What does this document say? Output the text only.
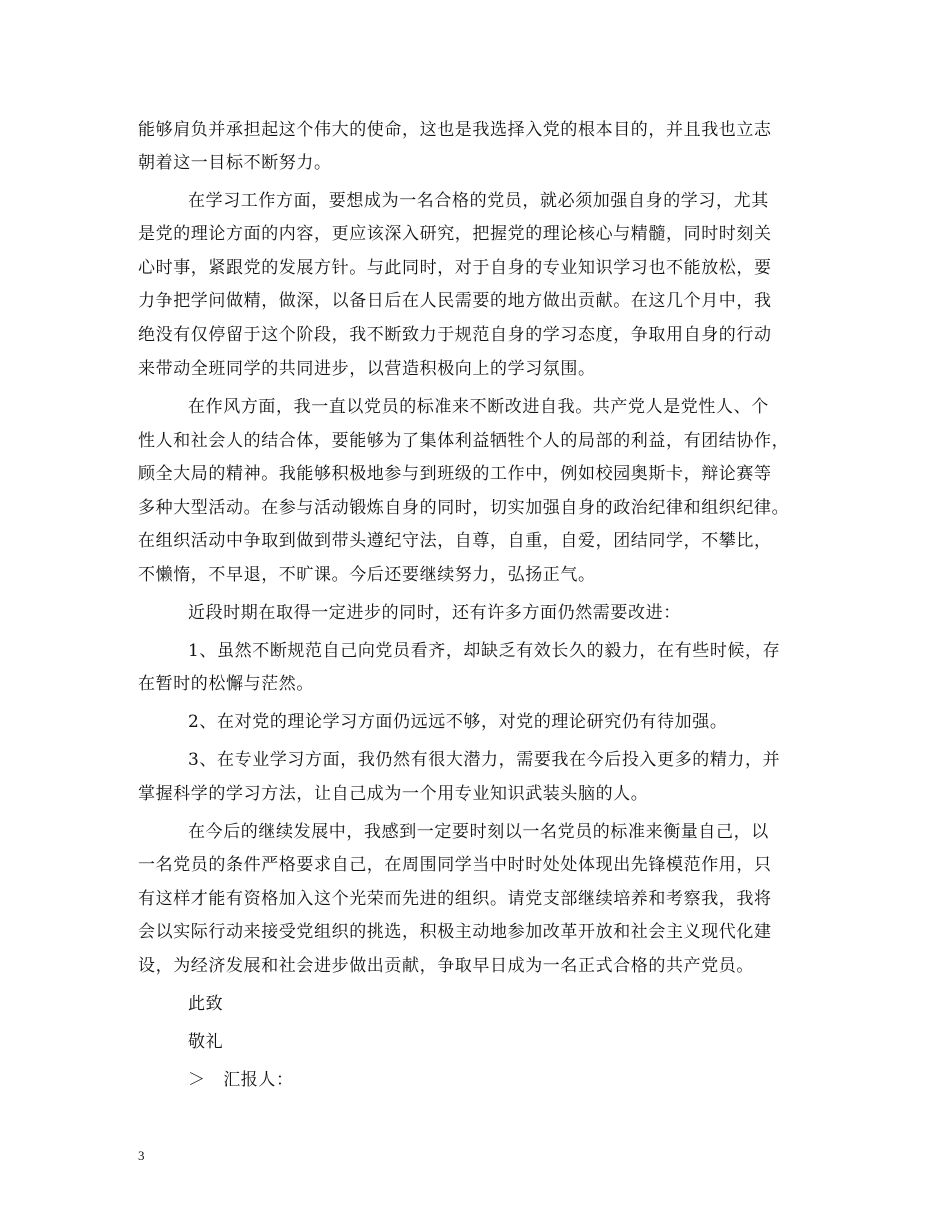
能够肩负并承担起这个伟大的使命，这也是我选择入党的根本目的，并且我也立志
朝着这一目标不断努力。
在学习工作方面，要想成为一名合格的党员，就必须加强自身的学习，尤其
是党的理论方面的内容，更应该深入研究，把握党的理论核心与精髓，同时时刻关
心时事，紧跟党的发展方针。与此同时，对于自身的专业知识学习也不能放松，要
力争把学问做精，做深，以备日后在人民需要的地方做出贡献。在这几个月中，我
绝没有仅停留于这个阶段，我不断致力于规范自身的学习态度，争取用自身的行动
来带动全班同学的共同进步，以营造积极向上的学习氛围。
在作风方面，我一直以党员的标准来不断改进自我。共产党人是党性人、个
性人和社会人的结合体，要能够为了集体利益牺牲个人的局部的利益，有团结协作，
顾全大局的精神。我能够积极地参与到班级的工作中，例如校园奥斯卡，辩论赛等
多种大型活动。在参与活动锻炼自身的同时，切实加强自身的政治纪律和组织纪律。
在组织活动中争取到做到带头遵纪守法，自尊，自重，自爱，团结同学，不攀比，
不懒惰，不早退，不旷课。今后还要继续努力，弘扬正气。
近段时期在取得一定进步的同时，还有许多方面仍然需要改进：
1、虽然不断规范自己向党员看齐，却缺乏有效长久的毅力，在有些时候，存
在暂时的松懈与茫然。
2、在对党的理论学习方面仍远远不够，对党的理论研究仍有待加强。
3、在专业学习方面，我仍然有很大潜力，需要我在今后投入更多的精力，并
掌握科学的学习方法，让自己成为一个用专业知识武装头脑的人。
在今后的继续发展中，我感到一定要时刻以一名党员的标准来衡量自己，以
一名党员的条件严格要求自己，在周围同学当中时时处处体现出先锋模范作用，只
有这样才能有资格加入这个光荣而先进的组织。请党支部继续培养和考察我，我将
会以实际行动来接受党组织的挑选，积极主动地参加改革开放和社会主义现代化建
设，为经济发展和社会进步做出贡献，争取早日成为一名正式合格的共产党员。
此致
敬礼
＞　汇报人：
3
